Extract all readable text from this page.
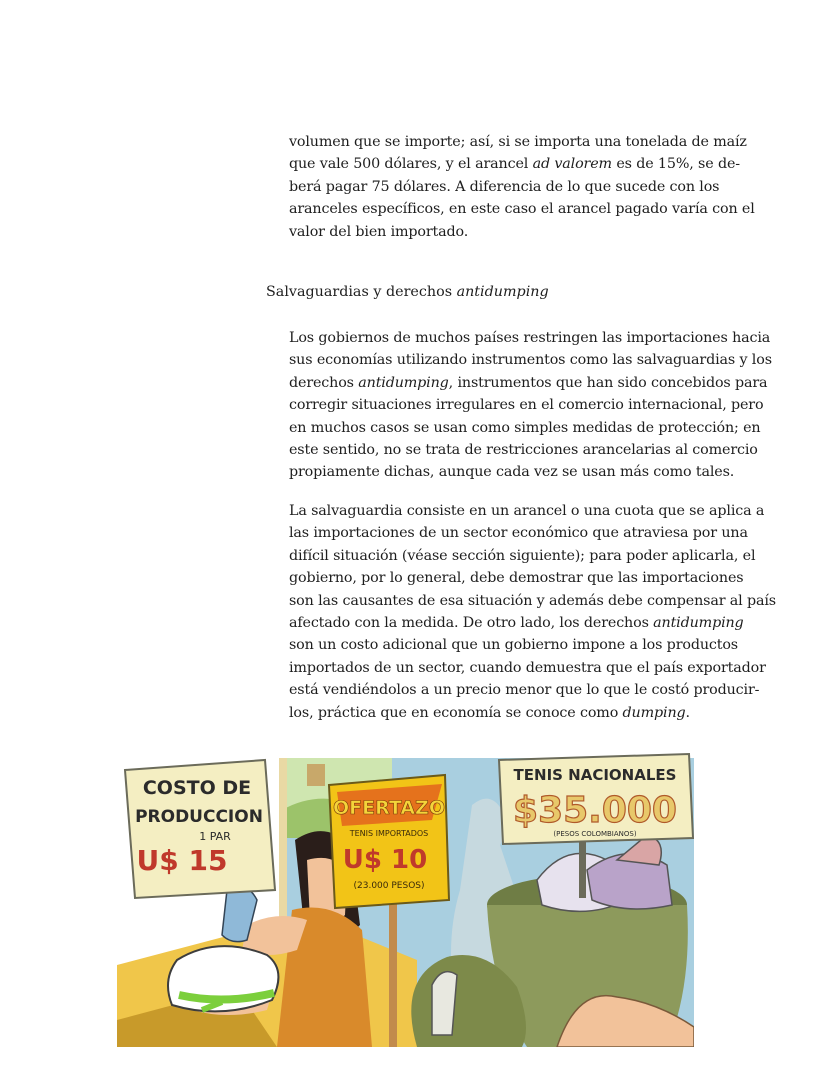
volumen que se importe; así, si se importa una tonelada de maíz
que vale 500 dólares, y el arancel ad valorem es de 15%, se de-
berá pagar 75 dólares. A diferencia de lo que sucede con los
aranceles específicos, en este caso el arancel pagado varía con el
valor del bien importado.

Salvaguardias y derechos antidumping

Los gobiernos de muchos países restringen las importaciones hacia
sus economías utilizando instrumentos como las salvaguardias y los
derechos antidumping, instrumentos que han sido concebidos para
corregir situaciones irregulares en el comercio internacional, pero
en muchos casos se usan como simples medidas de protección; en
este sentido, no se trata de restricciones arancelarias al comercio
propiamente dichas, aunque cada vez se usan más como tales.
La salvaguardia consiste en un arancel o una cuota que se aplica a
las importaciones de un sector económico que atraviesa por una
difícil situación (véase sección siguiente); para poder aplicarla, el
gobierno, por lo general, debe demostrar que las importaciones
son las causantes de esa situación y además debe compensar al país
afectado con la medida. De otro lado, los derechos antidumping
son un costo adicional que un gobierno impone a los productos
importados de un sector, cuando demuestra que el país exportador
está vendiéndolos a un precio menor que lo que le costó producir-
los, práctica que en economía se conoce como dumping.
COSTO DE
PRODUCCION
1 PAR
U$ 15
OFERTAZO
TENIS IMPORTADOS
U$ 10
(23.000 PESOS)
TENIS NACIONALES
$35.000
(PESOS COLOMBIANOS)
